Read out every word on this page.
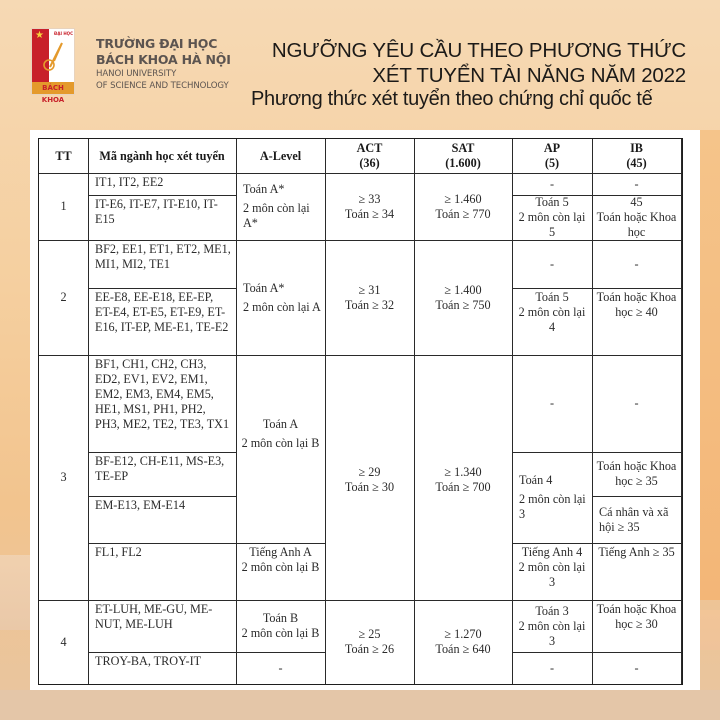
★	ĐẠI HỌC
BÁCH KHOA
TRƯỜNG ĐẠI HỌC
BÁCH KHOA HÀ NỘI
HANOI UNIVERSITY
OF SCIENCE AND TECHNOLOGY
NGƯỠNG YÊU CẦU THEO PHƯƠNG THỨC
XÉT TUYỂN TÀI NĂNG NĂM 2022
Phương thức xét tuyển theo chứng chỉ quốc tế
TT Mã ngành học xét tuyển	A-Level
ACT
(36)
SAT
(1.600)
AP
(5)
IB
(45)
1
IT1, IT2, EE2
IT-E6, IT-E7, IT-E10, IT-E15
Toán A*
2 môn còn lại A*
≥ 33
Toán ≥ 34
≥ 1.460
Toán ≥ 770
-
Toán 5
2 môn còn lại 5
-
45
Toán hoặc Khoa học
2
BF2, EE1, ET1, ET2, ME1, MI1, MI2, TE1
EE-E8, EE-E18, EE-EP, ET-E4, ET-E5, ET-E9, ET-E16, IT-EP, ME-E1, TE-E2
Toán A*
2 môn còn lại A
≥ 31
Toán ≥ 32
≥ 1.400
Toán ≥ 750
-
Toán 5
2 môn còn lại 4
-
Toán hoặc Khoa học ≥ 40
3
BF1, CH1, CH2, CH3, ED2, EV1, EV2, EM1, EM2, EM3, EM4, EM5, HE1, MS1, PH1, PH2, PH3, ME2, TE2, TE3, TX1
BF-E12, CH-E11, MS-E3, TE-EP
EM-E13, EM-E14
FL1, FL2
Toán A
2 môn còn lại B
Tiếng Anh A
2 môn còn lại B
≥ 29
Toán ≥ 30
≥ 1.340
Toán ≥ 700
-
Toán 4
2 môn còn lại 3
Tiếng Anh 4
2 môn còn lại 3
-
Toán hoặc Khoa học ≥ 35
Cá nhân và xã hội ≥ 35
Tiếng Anh ≥ 35
4
ET-LUH, ME-GU, ME-NUT, ME-LUH
TROY-BA, TROY-IT
Toán B
2 môn còn lại B
-
≥ 25
Toán ≥ 26
≥ 1.270
Toán ≥ 640
Toán 3
2 môn còn lại 3
-
Toán hoặc Khoa học ≥ 30
-
